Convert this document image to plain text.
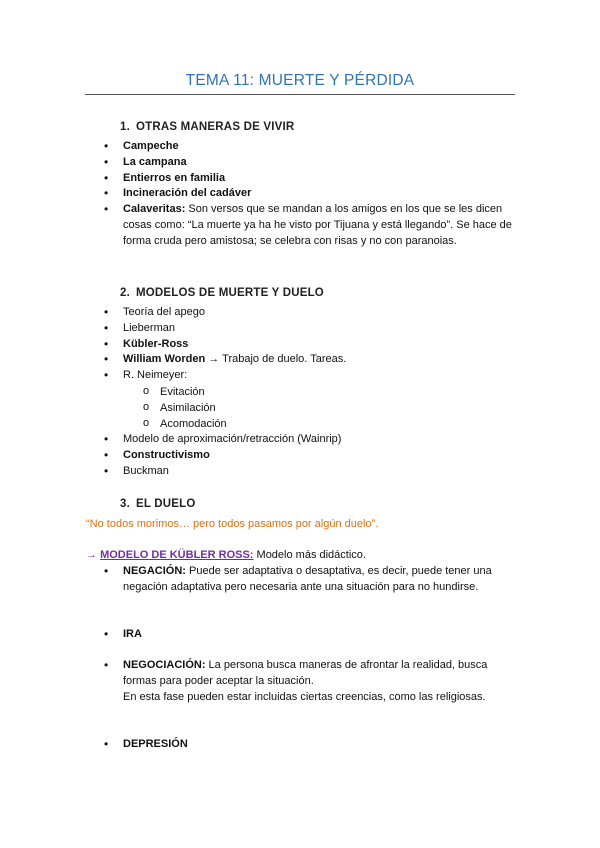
TEMA 11: MUERTE Y PÉRDIDA
1. OTRAS MANERAS DE VIVIR
• Campeche
• La campana
• Entierros en familia
• Incineración del cadáver
• Calaveritas: Son versos que se mandan a los amigos en los que se les dicen cosas como: “La muerte ya ha he visto por Tijuana y está llegando”. Se hace de forma cruda pero amistosa; se celebra con risas y no con paranoias.
2. MODELOS DE MUERTE Y DUELO
• Teoría del apego
• Lieberman
• Kübler-Ross
• William Worden → Trabajo de duelo. Tareas.
• R. Neimeyer:
o Evitación
o Asimilación
o Acomodación
• Modelo de aproximación/retracción (Wainrip)
• Constructivismo
• Buckman
3. EL DUELO
“No todos morimos… pero todos pasamos por algún duelo”.
→ MODELO DE KÜBLER ROSS: Modelo más didáctico.
• NEGACIÓN: Puede ser adaptativa o desaptativa, es decir, puede tener una negación adaptativa pero necesaria ante una situación para no hundirse.
• IRA
• NEGOCIACIÓN: La persona busca maneras de afrontar la realidad, busca formas para poder aceptar la situación.
En esta fase pueden estar incluidas ciertas creencias, como las religiosas.
• DEPRESIÓN
